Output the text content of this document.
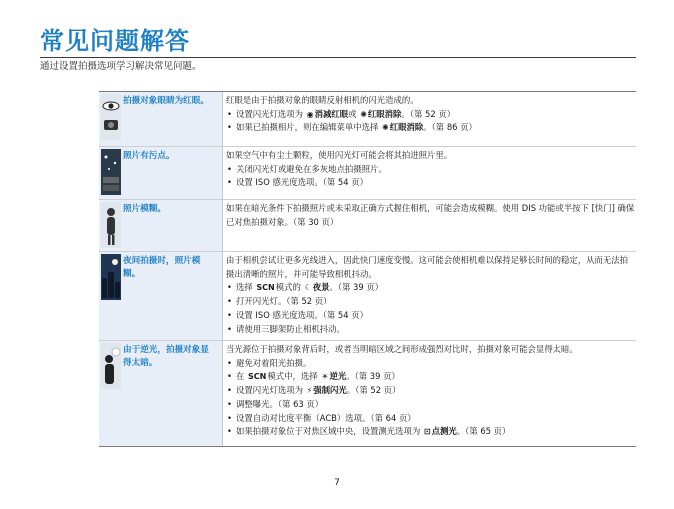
常见问题解答
通过设置拍摄选项学习解决常见问题。
拍摄对象眼睛为红眼。 红眼是由于拍摄对象的眼睛反射相机的闪光造成的。

• 设置闪光灯选项为 ◉消减红眼或 ✺红眼消除。（第 52 页）
• 如果已拍摄相片，则在编辑菜单中选择 ✺红眼消除。（第 86 页）
照片有污点。	如果空气中有尘土颗粒，使用闪光灯可能会将其拍进照片里。

• 关闭闪光灯或避免在多灰地点拍摄照片。
• 设置 ISO 感光度选项。（第 54 页）
照片模糊。	如果在暗光条件下拍摄照片或未采取正确方式握住相机，可能会造成模糊。使用 DIS 功能或半按下 [快门] 确保已对焦拍摄对象。（第 30 页）

夜间拍摄时，照片模糊。

由于相机尝试让更多光线进入，因此快门速度变慢。这可能会使相机难以保持足够长时间的稳定，从而无法拍摄出清晰的照片，并可能导致相机抖动。

• 选择 SCN模式的 ☾夜景。（第 39 页）
• 打开闪光灯。（第 52 页）
• 设置 ISO 感光度选项。（第 54 页）
• 请使用三脚架防止相机抖动。
由于逆光，拍摄对象显得太暗。

当光源位于拍摄对象背后时，或者当明暗区域之间形成强烈对比时，拍摄对象可能会显得太暗。

• 避免对着阳光拍摄。
• 在 SCN模式中，选择 ☀逆光。（第 39 页）
• 设置闪光灯选项为 ⚡强制闪光。（第 52 页）
• 调整曝光。（第 63 页）
• 设置自动对比度平衡（ACB）选项。（第 64 页）
• 如果拍摄对象位于对焦区域中央，设置测光选项为 ⊡点测光。（第 65 页）
7
